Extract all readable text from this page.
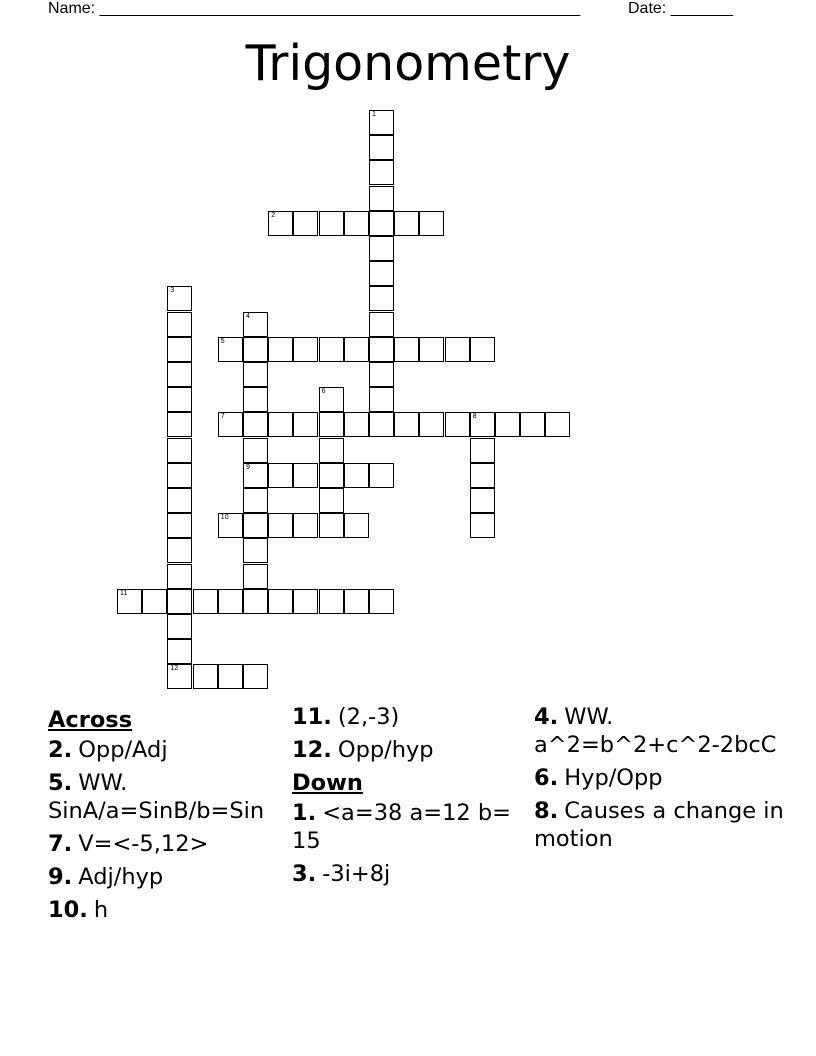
Name: ______________________________________________________	Date: _______
Trigonometry
1
2
3
12
4
9
5
6
7	8
10
11
Across
2. Opp/Adj
5. WW. SinA/a=SinB/b=Sin
7. V=<-5,12>
9. Adj/hyp
10. h
11. (2,-3)
12. Opp/hyp
Down
1. <a=38 a=12 b= 15
3. -3i+8j
4. WW. a^2=b^2+c^2-2bcC
6. Hyp/Opp
8. Causes a change in motion
